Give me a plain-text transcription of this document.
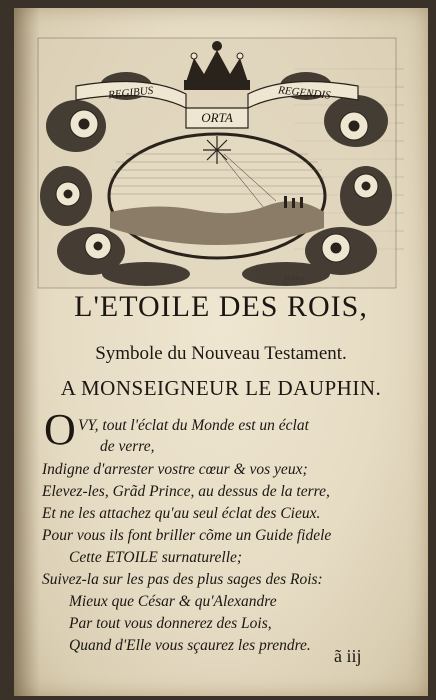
REGIBUS
ORTA
REGENDIS
Le Clerc
L'ETOILE DES ROIS,
Symbole du Nouveau Testament.
A MONSEIGNEUR LE DAUPHIN.
O VY, tout l'éclat du Monde est un éclat
de verre,
Indigne d'arrester vostre cœur & vos yeux;
Elevez-les, Grãd Prince, au dessus de la terre,
Et ne les attachez qu'au seul éclat des Cieux.
Pour vous ils font briller cõme un Guide fidele
Cette ETOILE surnaturelle;
Suivez-la sur les pas des plus sages des Rois:
Mieux que César & qu'Alexandre
Par tout vous donnerez des Lois,
Quand d'Elle vous sçaurez les prendre.
ã iij
